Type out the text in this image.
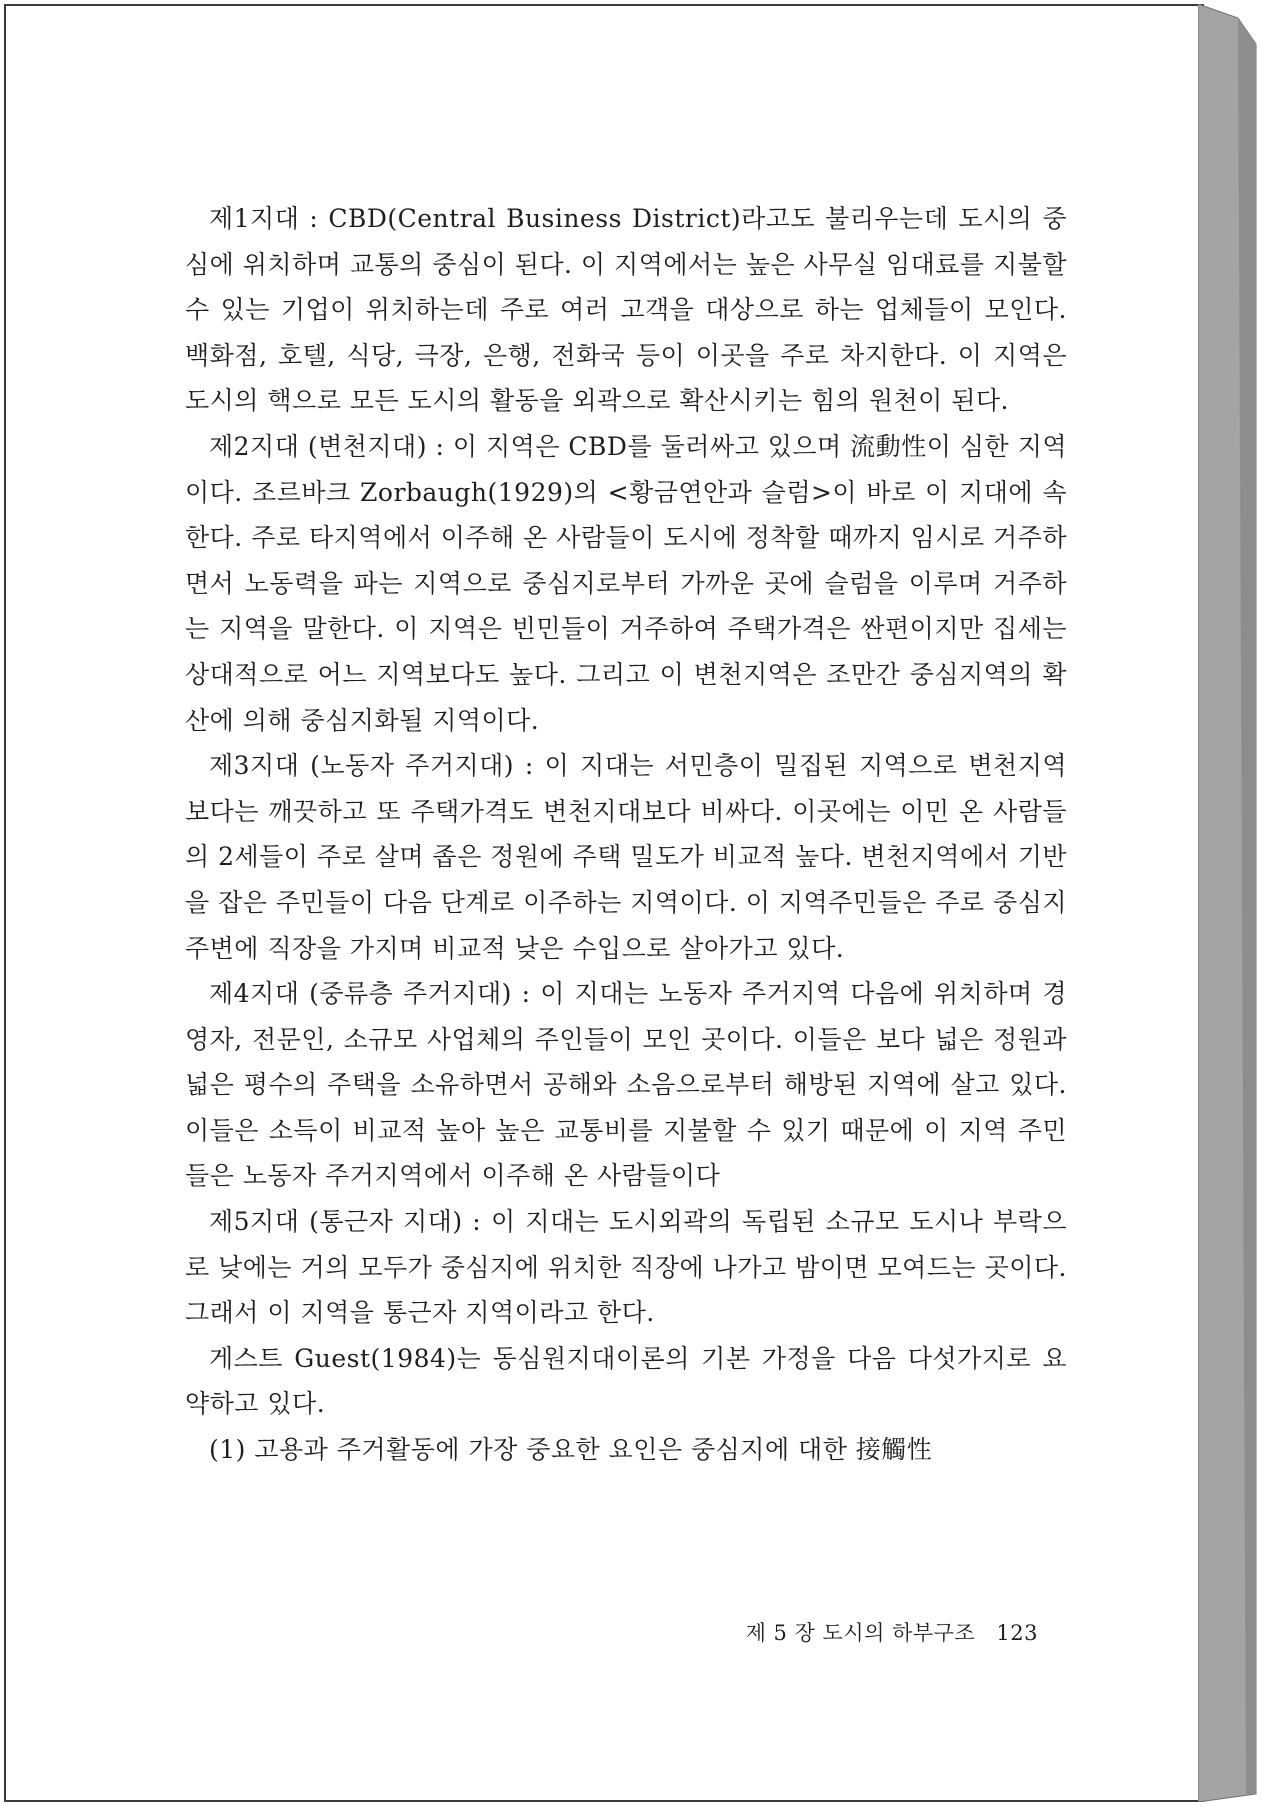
제1지대 : CBD(Central Business District)라고도 불리우는데 도시의 중심에 위치하며 교통의 중심이 된다. 이 지역에서는 높은 사무실 임대료를 지불할 수 있는 기업이 위치하는데 주로 여러 고객을 대상으로 하는 업체들이 모인다. 백화점, 호텔, 식당, 극장, 은행, 전화국 등이 이곳을 주로 차지한다. 이 지역은 도시의 핵으로 모든 도시의 활동을 외곽으로 확산시키는 힘의 원천이 된다.

제2지대 (변천지대) : 이 지역은 CBD를 둘러싸고 있으며 流動性이 심한 지역이다. 조르바크 Zorbaugh(1929)의 <황금연안과 슬럼>이 바로 이 지대에 속한다. 주로 타지역에서 이주해 온 사람들이 도시에 정착할 때까지 임시로 거주하면서 노동력을 파는 지역으로 중심지로부터 가까운 곳에 슬럼을 이루며 거주하는 지역을 말한다. 이 지역은 빈민들이 거주하여 주택가격은 싼편이지만 집세는 상대적으로 어느 지역보다도 높다. 그리고 이 변천지역은 조만간 중심지역의 확산에 의해 중심지화될 지역이다.

제3지대 (노동자 주거지대) : 이 지대는 서민층이 밀집된 지역으로 변천지역보다는 깨끗하고 또 주택가격도 변천지대보다 비싸다. 이곳에는 이민 온 사람들의 2세들이 주로 살며 좁은 정원에 주택 밀도가 비교적 높다. 변천지역에서 기반을 잡은 주민들이 다음 단계로 이주하는 지역이다. 이 지역주민들은 주로 중심지 주변에 직장을 가지며 비교적 낮은 수입으로 살아가고 있다.

제4지대 (중류층 주거지대) : 이 지대는 노동자 주거지역 다음에 위치하며 경영자, 전문인, 소규모 사업체의 주인들이 모인 곳이다. 이들은 보다 넓은 정원과 넓은 평수의 주택을 소유하면서 공해와 소음으로부터 해방된 지역에 살고 있다. 이들은 소득이 비교적 높아 높은 교통비를 지불할 수 있기 때문에 이 지역 주민들은 노동자 주거지역에서 이주해 온 사람들이다

제5지대 (통근자 지대) : 이 지대는 도시외곽의 독립된 소규모 도시나 부락으로 낮에는 거의 모두가 중심지에 위치한 직장에 나가고 밤이면 모여드는 곳이다. 그래서 이 지역을 통근자 지역이라고 한다.

게스트 Guest(1984)는 동심원지대이론의 기본 가정을 다음 다섯가지로 요약하고 있다.

(1) 고용과 주거활동에 가장 중요한 요인은 중심지에 대한 接觸性

제 5 장 도시의 하부구조 123
